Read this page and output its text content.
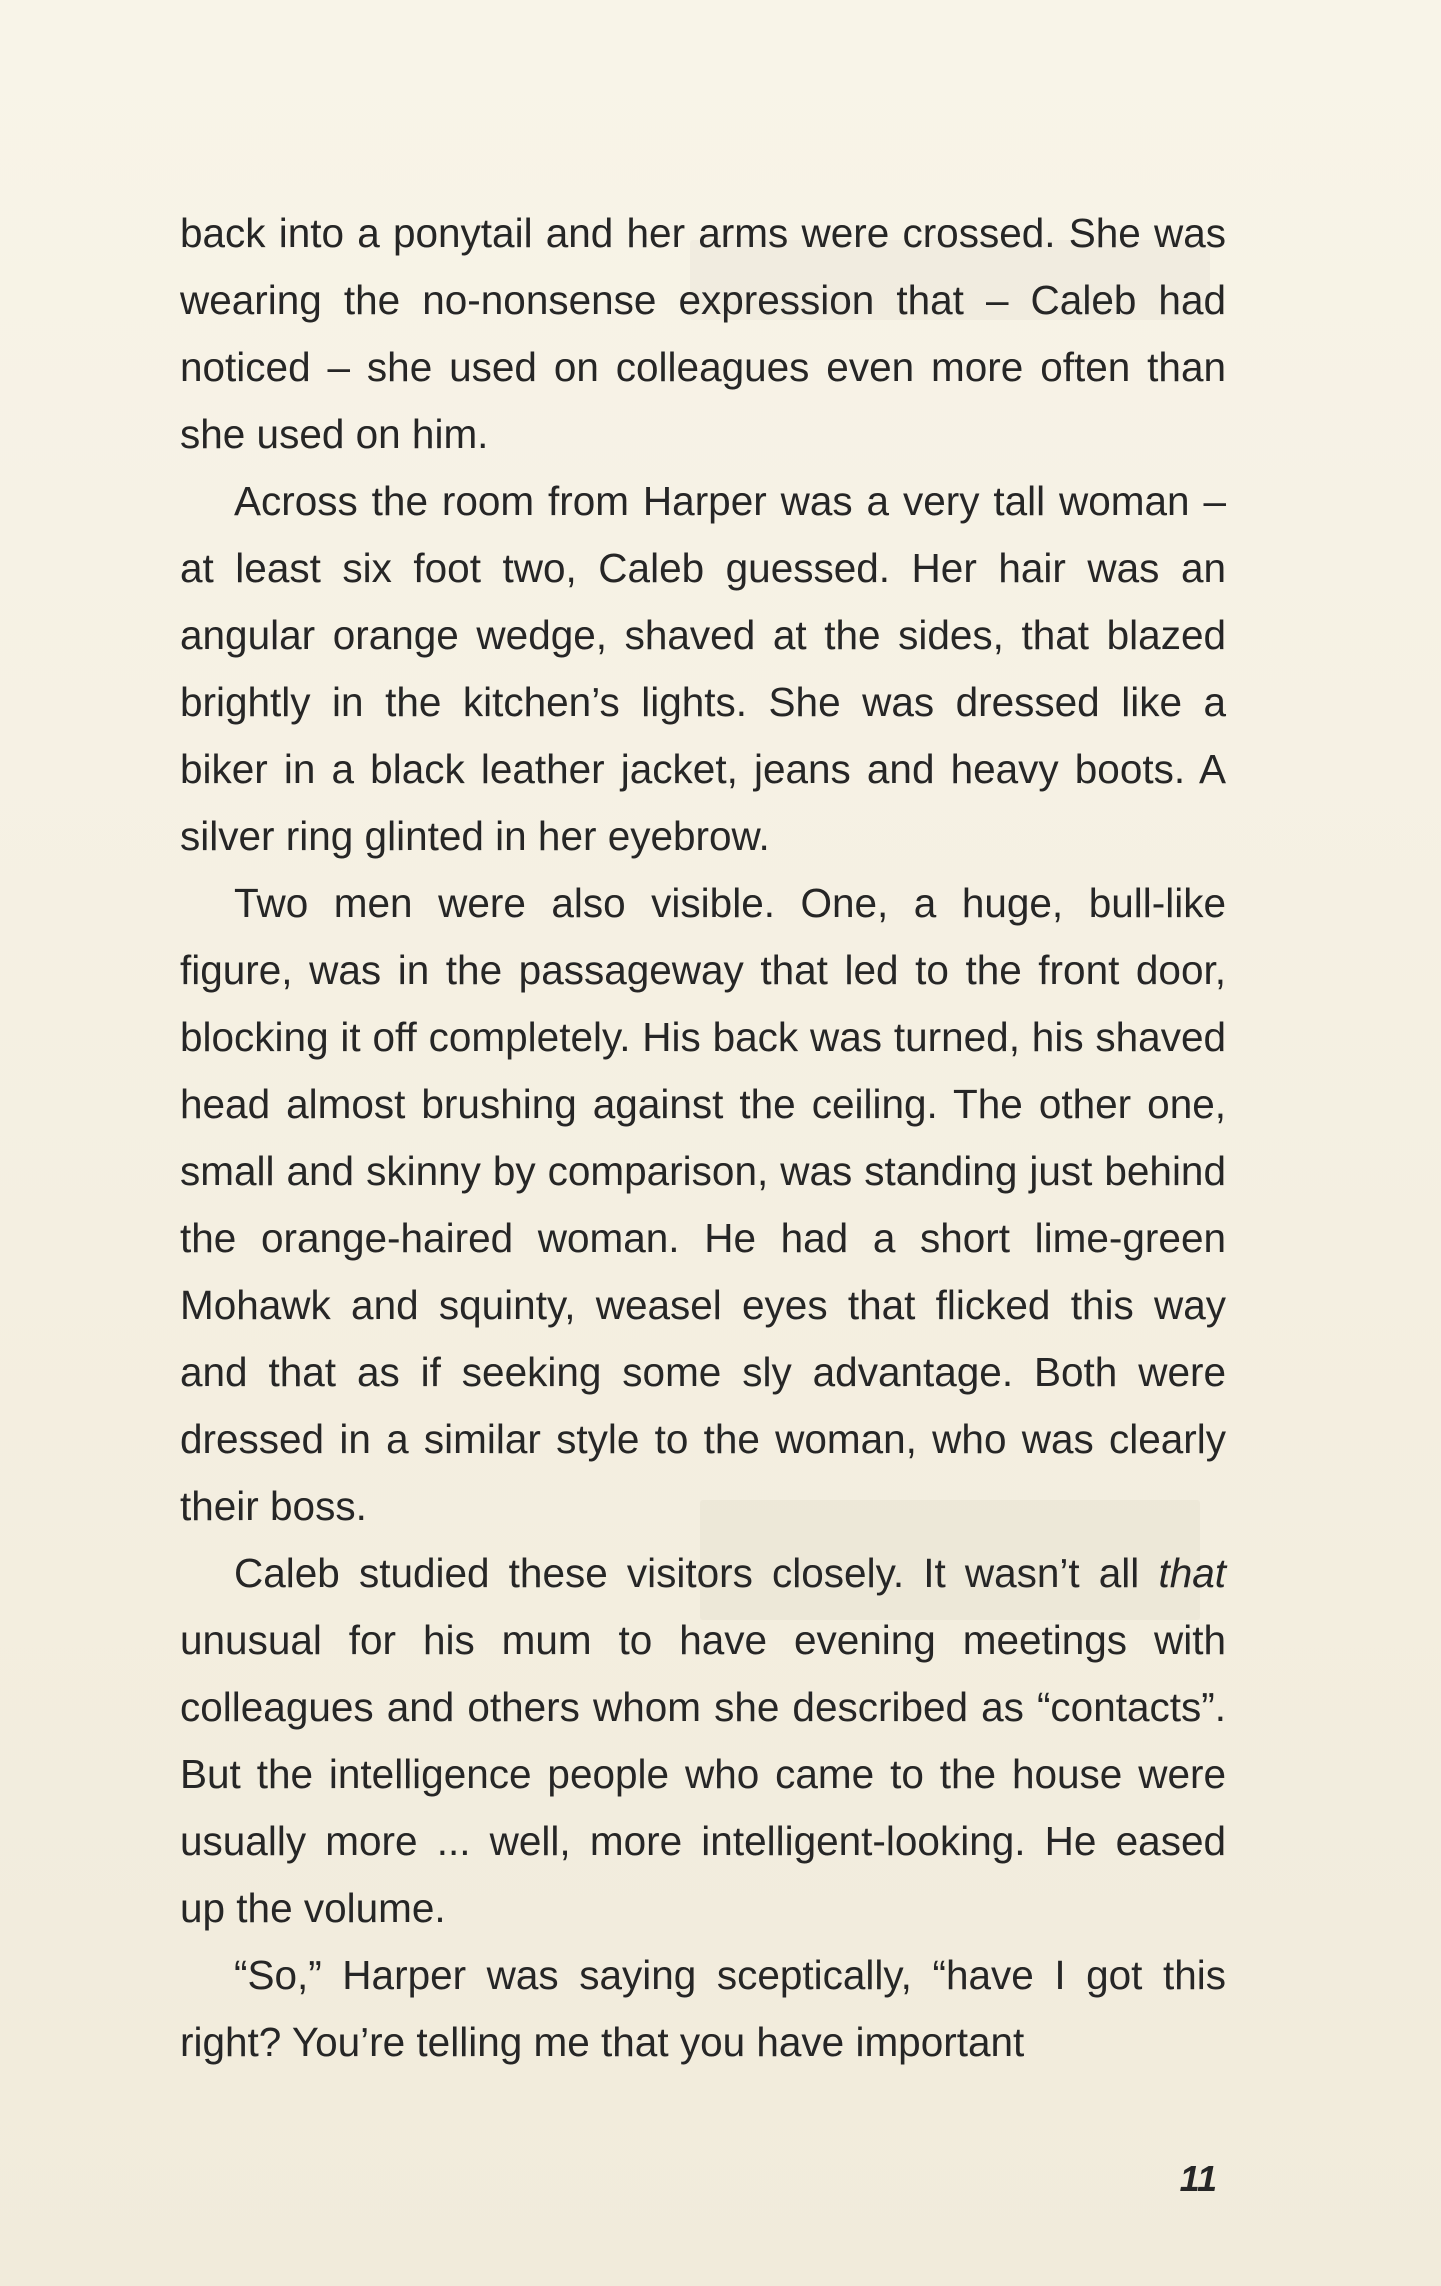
back into a ponytail and her arms were crossed. She was wearing the no-nonsense expression that – Caleb had noticed – she used on colleagues even more often than she used on him.

Across the room from Harper was a very tall woman – at least six foot two, Caleb guessed. Her hair was an angular orange wedge, shaved at the sides, that blazed brightly in the kitchen’s lights. She was dressed like a biker in a black leather jacket, jeans and heavy boots. A silver ring glinted in her eyebrow.

Two men were also visible. One, a huge, bull-like figure, was in the passageway that led to the front door, blocking it off completely. His back was turned, his shaved head almost brushing against the ceiling. The other one, small and skinny by comparison, was standing just behind the orange-haired woman. He had a short lime-green Mohawk and squinty, weasel eyes that flicked this way and that as if seeking some sly advantage. Both were dressed in a similar style to the woman, who was clearly their boss.

Caleb studied these visitors closely. It wasn’t all that unusual for his mum to have evening meetings with colleagues and others whom she described as “contacts”. But the intelligence people who came to the house were usually more ... well, more intelligent-looking. He eased up the volume.

“So,” Harper was saying sceptically, “have I got this right? You’re telling me that you have important

11
